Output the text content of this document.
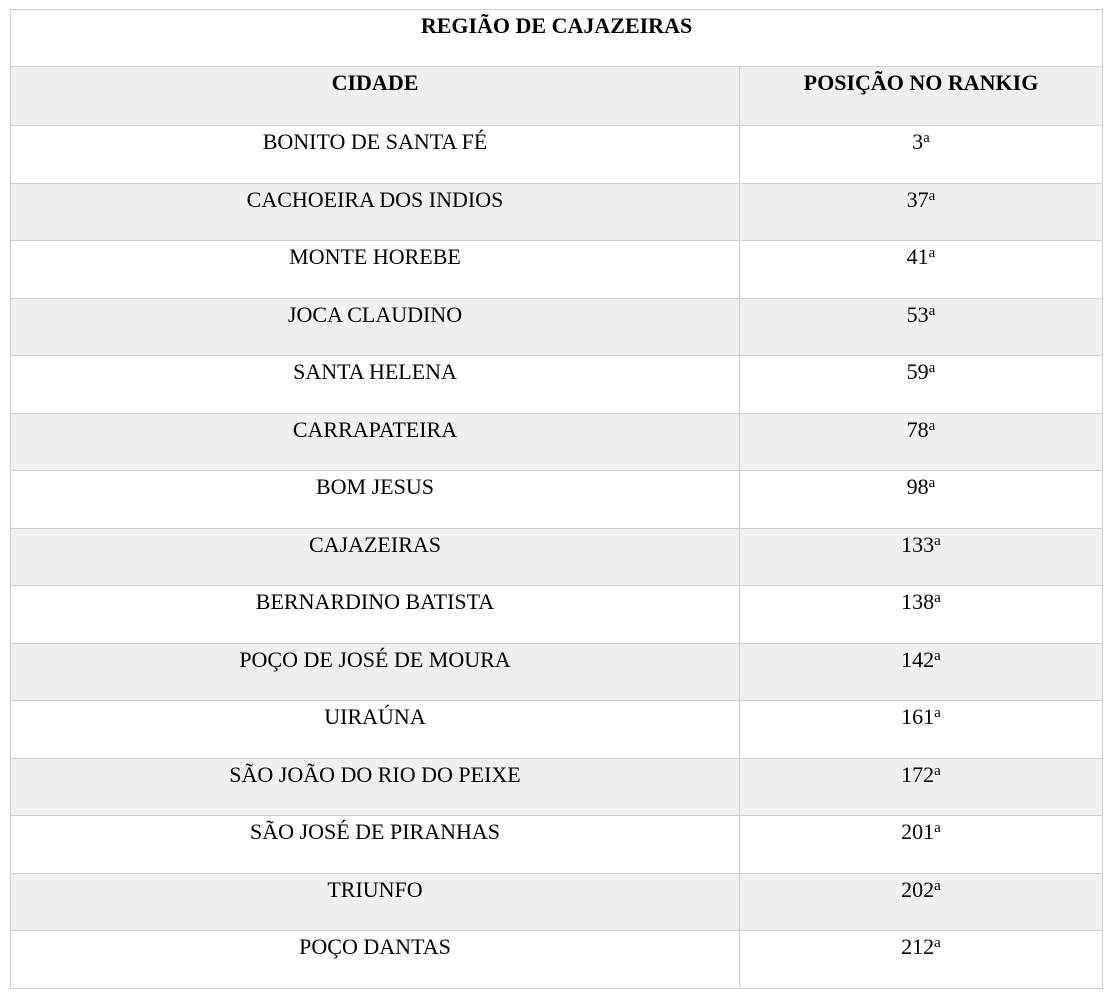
REGIÃO DE CAJAZEIRAS	
CIDADE	POSIÇÃO NO RANKIG
BONITO DE SANTA FÉ	3$^a$
CACHOEIRA DOS INDIOS	37$^a$
MONTE HOREBE	41$^a$
JOCA CLAUDINO	53$^a$
SANTA HELENA	59$^a$
CARRAPATEIRA	78$^a$
BOM JESUS	98$^a$
CAJAZEIRAS	133$^a$
BERNARDINO BATISTA	138$^a$
POÇO DE JOSÉ DE MOURA	142$^a$
UIRAÚNA	161$^a$
SÃO JOÃO DO RIO DO PEIXE	172$^a$
SÃO JOSÉ DE PIRANHAS	201$^a$
TRIUNFO	202$^a$
POÇO DANTAS	212$^a$
